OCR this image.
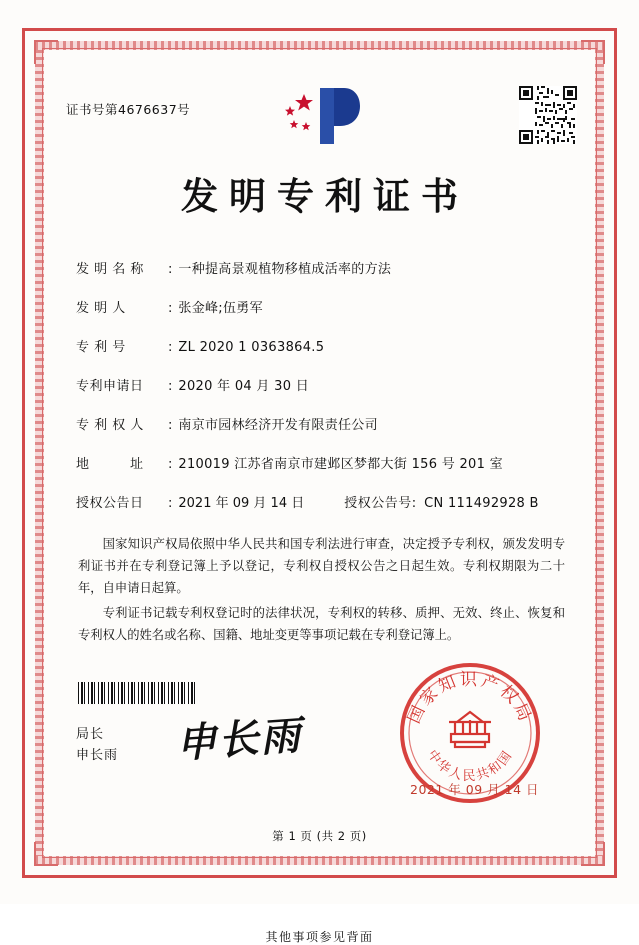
证书号第4676637号
发明专利证书
发 明 名 称	: 一种提高景观植物移植成活率的方法
发 明 人	: 张金峰;伍勇军
专 利 号	: ZL 2020 1 0363864.5
专利申请日	: 2020 年 04 月 30 日
专 利 权 人	: 南京市园林经济开发有限责任公司
地　　　址	: 210019 江苏省南京市建邺区梦都大街 156 号 201 室
授权公告日	: 2021 年 09 月 14 日	授权公告号 : CN 111492928 B

国家知识产权局依照中华人民共和国专利法进行审查，决定授予专利权，颁发发明专利证书并在专利登记簿上予以登记，专利权自授权公告之日起生效。专利权期限为二十年，自申请日起算。

专利证书记载专利权登记时的法律状况，专利权的转移、质押、无效、终止、恢复和专利权人的姓名或名称、国籍、地址变更等事项记载在专利登记簿上。

局长
申长雨 申长雨	国家知识产权局
中华人民共和国
2021 年 09 月 14 日
第 1 页 (共 2 页)
其他事项参见背面
